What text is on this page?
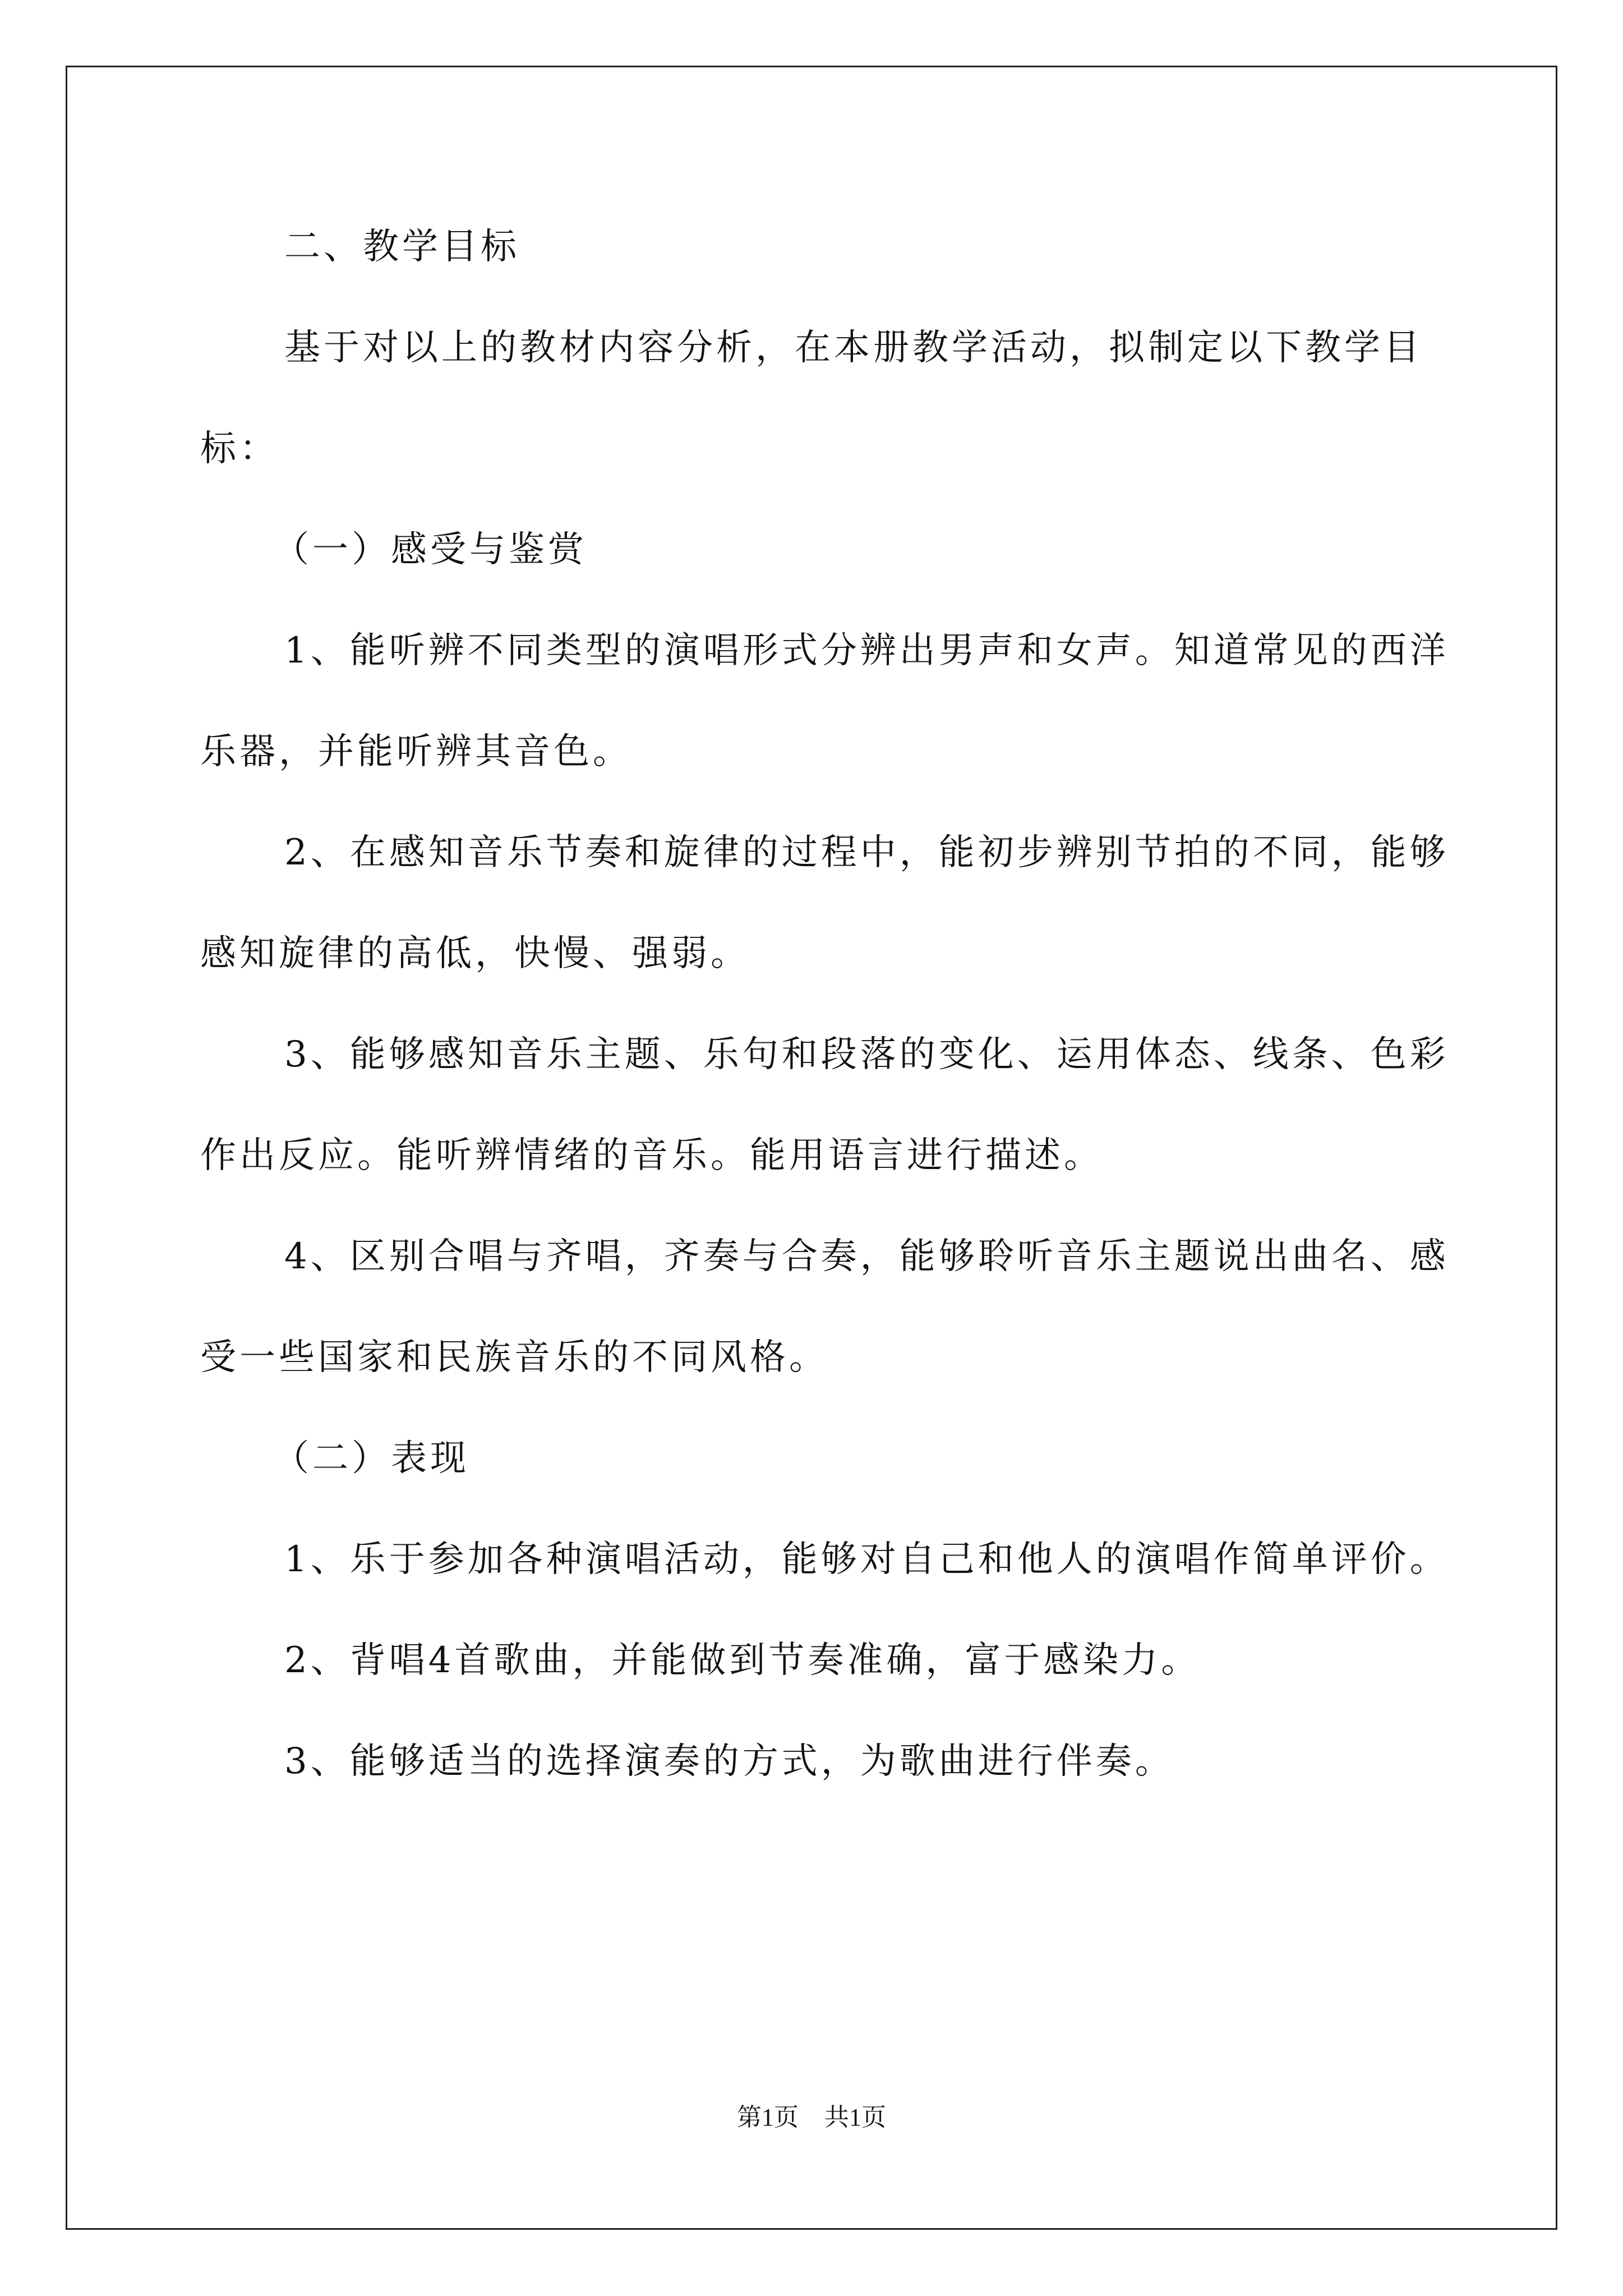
二、教学目标

基于对以上的教材内容分析，在本册教学活动，拟制定以下教学目标：

（一）感受与鉴赏

1、能听辨不同类型的演唱形式分辨出男声和女声。知道常见的西洋乐器，并能听辨其音色。

2、在感知音乐节奏和旋律的过程中，能初步辨别节拍的不同，能够感知旋律的高低，快慢、强弱。

3、能够感知音乐主题、乐句和段落的变化、运用体态、线条、色彩作出反应。能听辨情绪的音乐。能用语言进行描述。

4、区别合唱与齐唱，齐奏与合奏，能够聆听音乐主题说出曲名、感受一些国家和民族音乐的不同风格。

（二）表现

1、乐于参加各种演唱活动，能够对自己和他人的演唱作简单评价。

2、背唱4首歌曲，并能做到节奏准确，富于感染力。

3、能够适当的选择演奏的方式，为歌曲进行伴奏。

第1页 共1页
